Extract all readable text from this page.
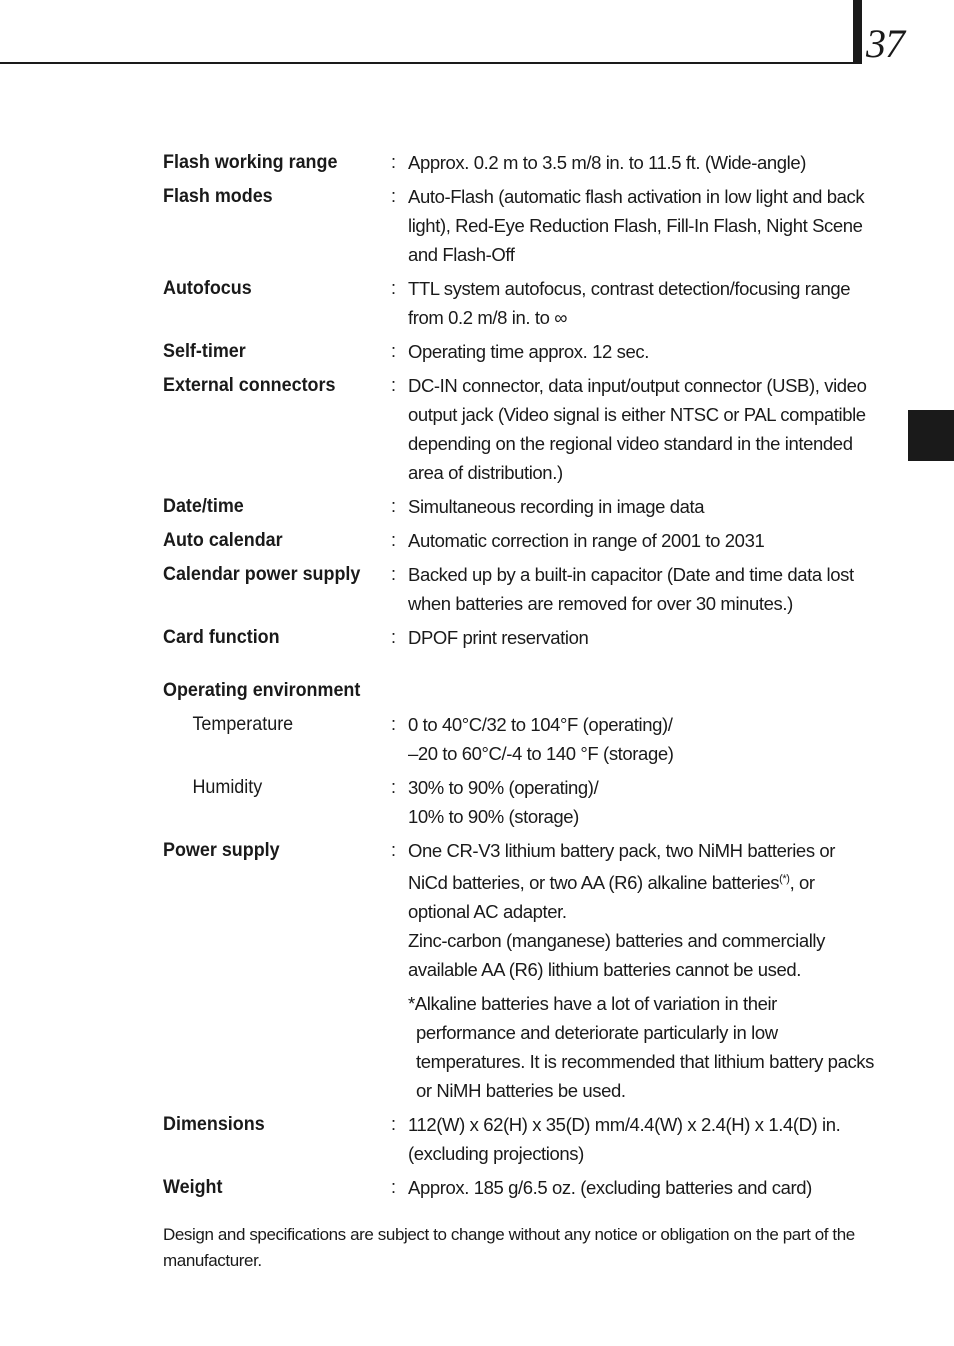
37
Flash working range	: Approx. 0.2 m to 3.5 m/8 in. to 11.5 ft. (Wide-angle)
Flash modes	: Auto-Flash (automatic flash activation in low light and back
light), Red-Eye Reduction Flash, Fill-In Flash, Night Scene
and Flash-Off
Autofocus	: TTL system autofocus, contrast detection/focusing range
from 0.2 m/8 in. to ∞
Self-timer	: Operating time approx. 12 sec.
External connectors	: DC-IN connector, data input/output connector (USB), video
output jack (Video signal is either NTSC or PAL compatible
depending on the regional video standard in the intended
area of distribution.)
Date/time	: Simultaneous recording in image data
Auto calendar	: Automatic correction in range of 2001 to 2031
Calendar power supply	: Backed up by a built-in capacitor (Date and time data lost
when batteries are removed for over 30 minutes.)
Card function	: DPOF print reservation
Operating environment
Temperature	: 0 to 40°C/32 to 104°F (operating)/
–20 to 60°C/-4 to 140 °F (storage)
Humidity	: 30% to 90% (operating)/
10% to 90% (storage)
Power supply	: One CR-V3 lithium battery pack, two NiMH batteries or
NiCd batteries, or two AA (R6) alkaline batteries(*), or
optional AC adapter.
Zinc-carbon (manganese) batteries and commercially
available AA (R6) lithium batteries cannot be used.
*Alkaline batteries have a lot of variation in their
performance and deteriorate particularly in low
temperatures. It is recommended that lithium battery packs
or NiMH batteries be used.
Dimensions	: 112(W) x 62(H) x 35(D) mm/4.4(W) x 2.4(H) x 1.4(D) in.
(excluding projections)
Weight	: Approx. 185 g/6.5 oz. (excluding batteries and card)
Design and specifications are subject to change without any notice or obligation on the part of the
manufacturer.
